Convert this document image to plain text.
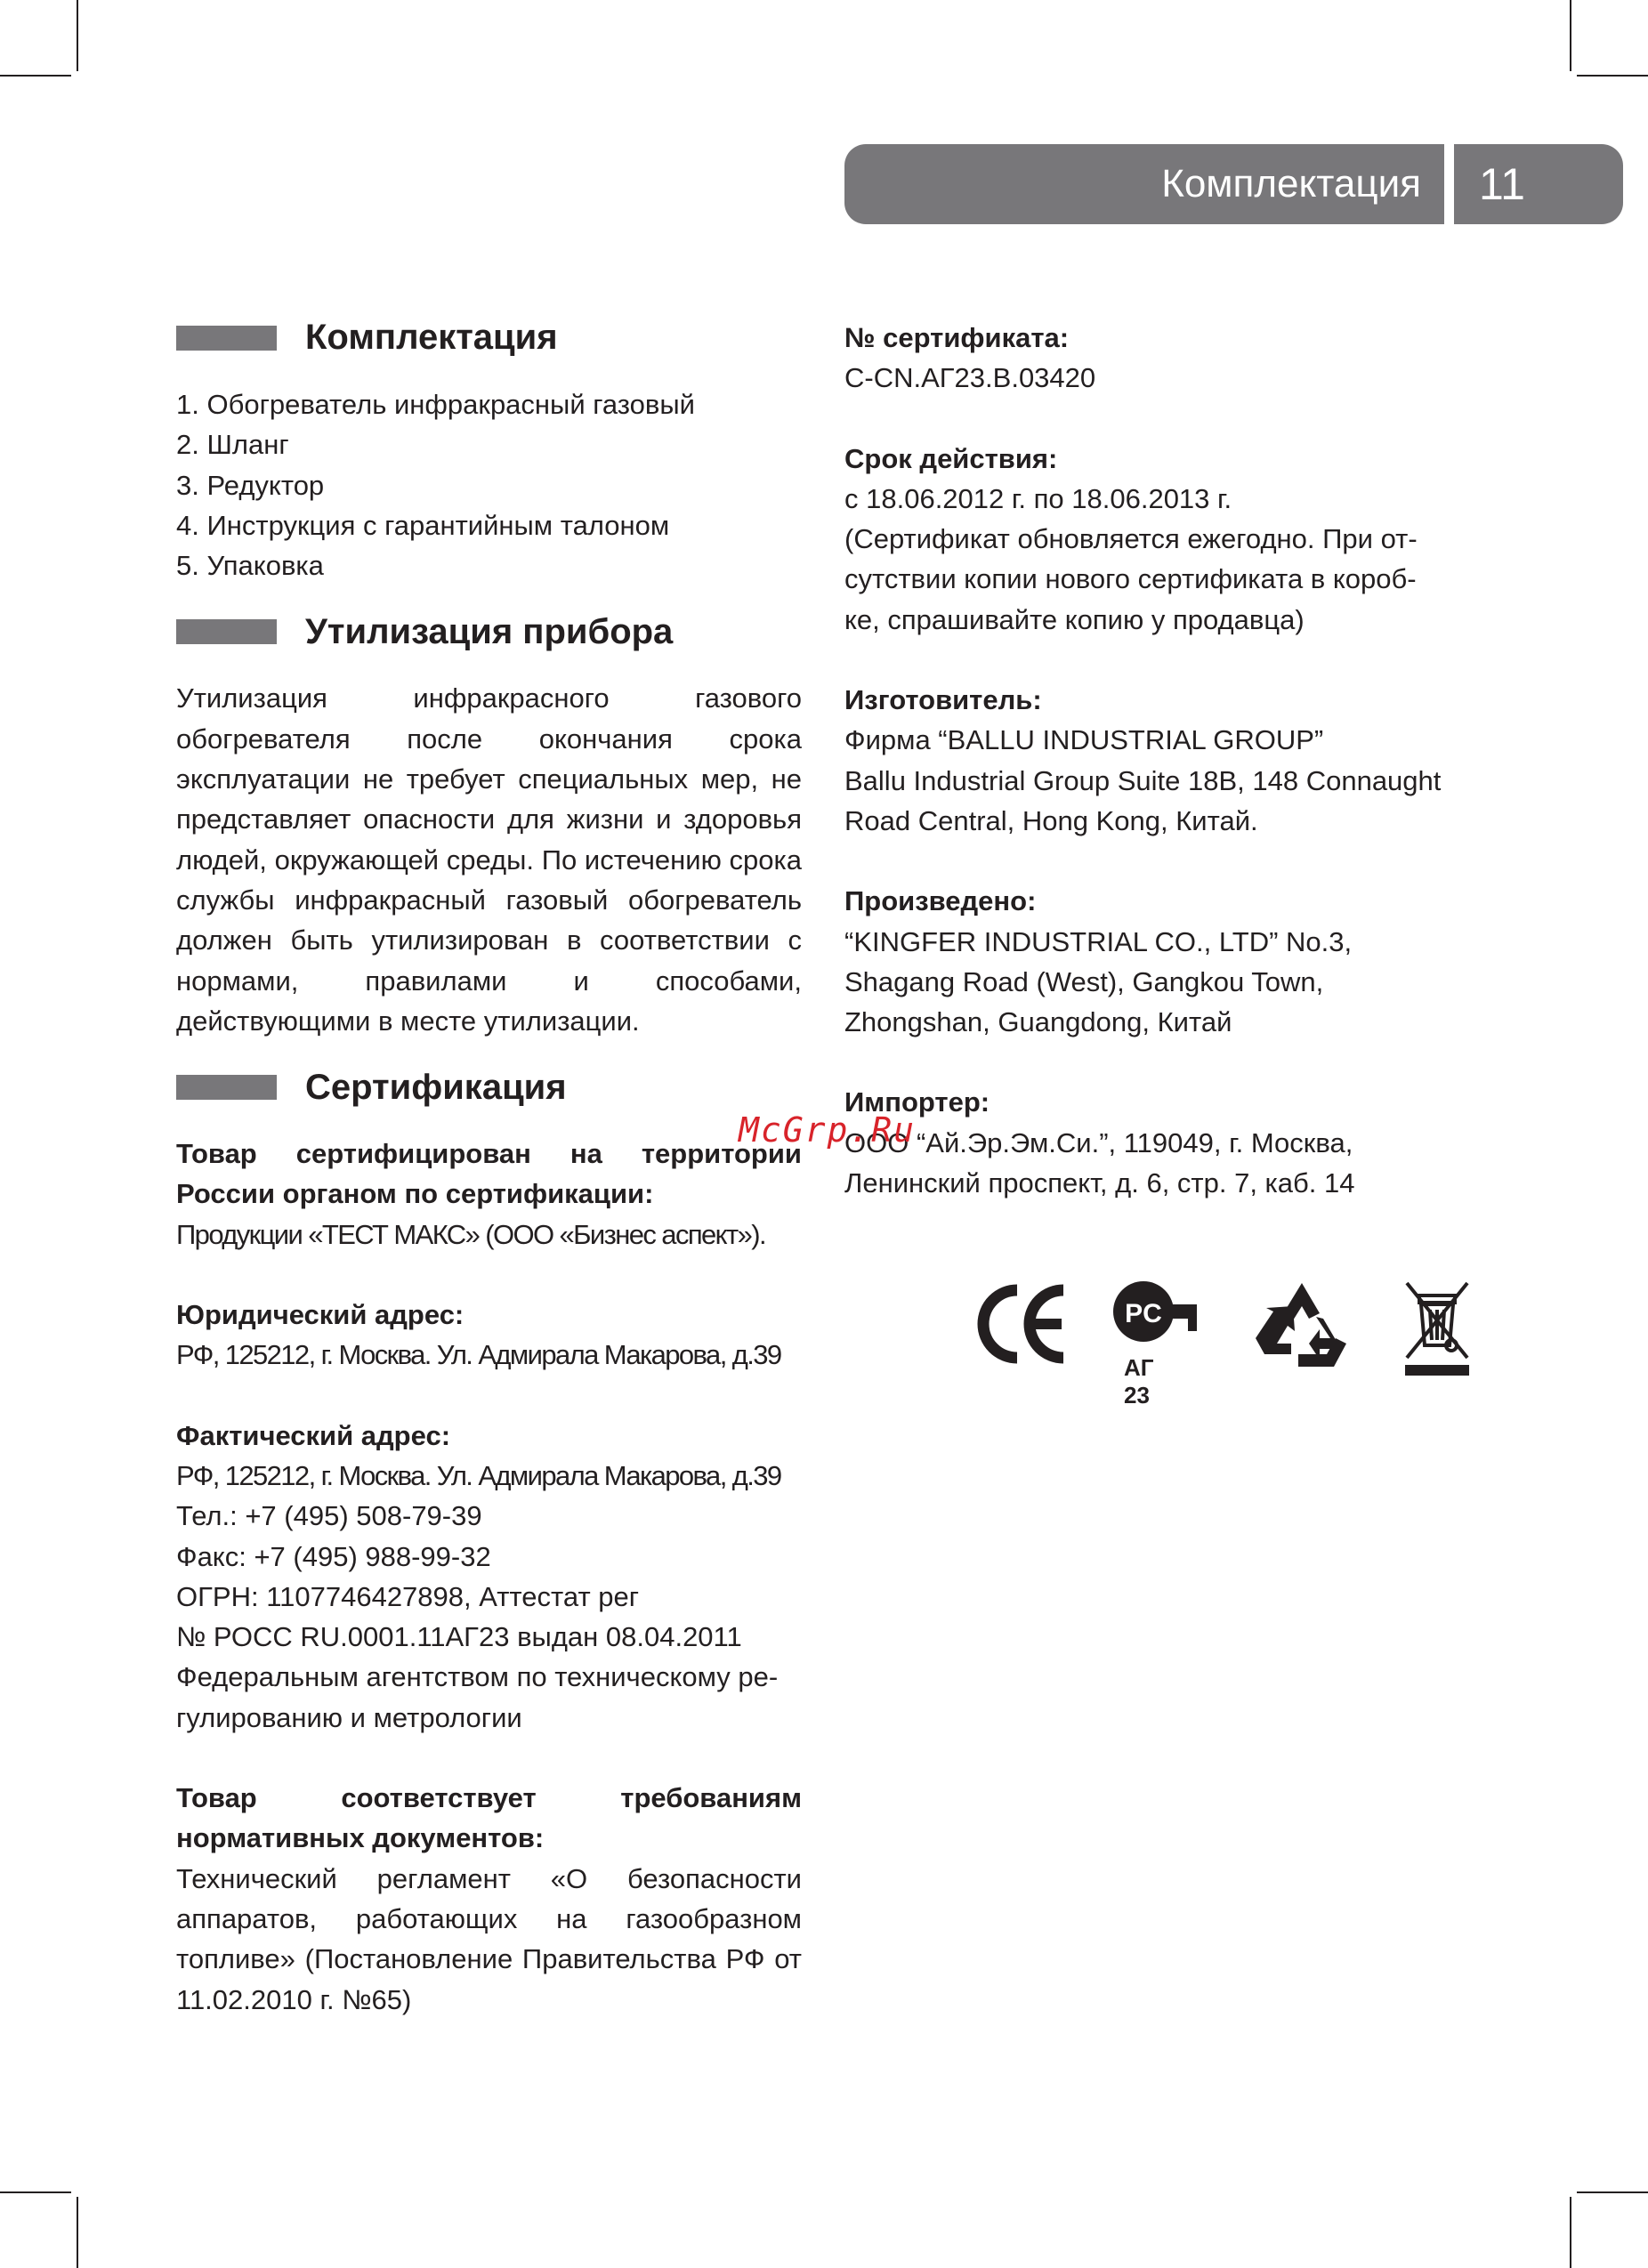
Комплектация	11
Комплектация
1. Обогреватель инфракрасный газовый
2. Шланг
3. Редуктор
4. Инструкция с гарантийным талоном
5. Упаковка
Утилизация прибора

Утилизация инфракрасного газового обогревателя после окончания срока эксплуатации не требует специальных мер, не представляет опасности для жизни и здоровья людей, окружающей среды. По истечению срока службы инфракрасный газовый обогреватель должен быть утилизирован в соответствии с нормами, правилами и способами, действующими в месте утилизации.

Сертификация

Товар сертифицирован на территории России органом по сертификации:

Продукции «ТЕСТ МАКС» (ООО «Бизнес аспект»).
Юридический адрес:
РФ, 125212, г. Москва. Ул. Адмирала Макарова, д.39
Фактический адрес:
РФ, 125212, г. Москва. Ул. Адмирала Макарова, д.39
Тел.: +7 (495) 508-79-39
Факс: +7 (495) 988-99-32
ОГРН: 1107746427898, Аттестат рег
№ РОСС RU.0001.11АГ23 выдан 08.04.2011
Федеральным агентством по техническому ре-
гулированию и метрологии

Товар соответствует требованиям нормативных документов:

Технический регламент «О безопасности аппаратов, работающих на газообразном топливе» (Постановление Правительства РФ от 11.02.2010 г. №65)

№ сертификата:
C-CN.АГ23.В.03420
Срок действия:
с 18.06.2012 г. по 18.06.2013 г.
(Сертификат обновляется ежегодно. При от-
сутствии копии нового сертификата в короб-
ке, спрашивайте копию у продавца)
Изготовитель:
Фирма “BALLU INDUSTRIAL GROUP”
Ballu Industrial Group Suite 18B, 148 Connaught
Road Central, Hong Kong, Китай.
Произведено:
“KINGFER INDUSTRIAL CO., LTD” No.3,
Shagang Road (West), Gangkou Town,
Zhongshan, Guangdong, Китай
Импортер:
ООО “Ай.Эр.Эм.Си.”, 119049, г. Москва,
Ленинский проспект, д. 6, стр. 7, каб. 14
McGrp.Ru
PC
АГ 23
